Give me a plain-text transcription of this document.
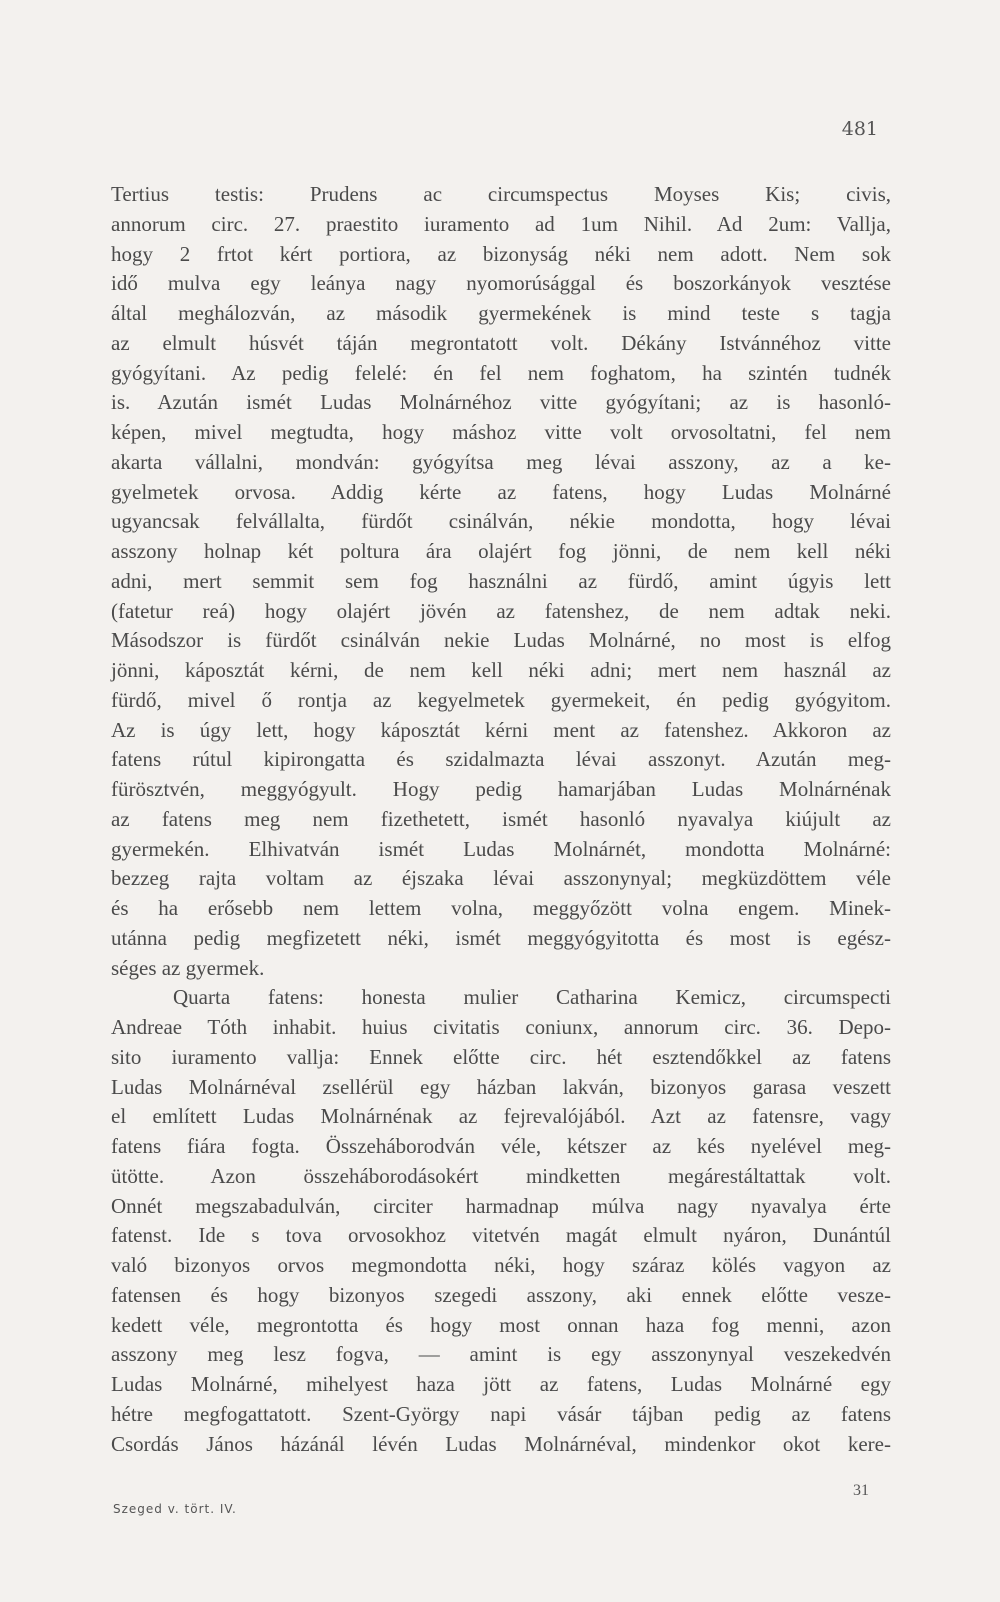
481
Tertius testis: Prudens ac circumspectus Moyses Kis; civis,
annorum circ. 27. praestito iuramento ad 1um Nihil. Ad 2um: Vallja,
hogy 2 frtot kért portiora, az bizonyság néki nem adott. Nem sok
idő mulva egy leánya nagy nyomorúsággal és boszorkányok vesztése
által meghálozván, az második gyermekének is mind teste s tagja
az elmult húsvét táján megrontatott volt. Dékány Istvánnéhoz vitte
gyógyítani. Az pedig felelé: én fel nem foghatom, ha szintén tudnék
is. Azután ismét Ludas Molnárnéhoz vitte gyógyítani; az is hasonló-
képen, mivel megtudta, hogy máshoz vitte volt orvosoltatni, fel nem
akarta vállalni, mondván: gyógyítsa meg lévai asszony, az a ke-
gyelmetek orvosa. Addig kérte az fatens, hogy Ludas Molnárné
ugyancsak felvállalta, fürdőt csinálván, nékie mondotta, hogy lévai
asszony holnap két poltura ára olajért fog jönni, de nem kell néki
adni, mert semmit sem fog használni az fürdő, amint úgyis lett
(fatetur reá) hogy olajért jövén az fatenshez, de nem adtak neki.
Másodszor is fürdőt csinálván nekie Ludas Molnárné, no most is elfog
jönni, káposztát kérni, de nem kell néki adni; mert nem használ az
fürdő, mivel ő rontja az kegyelmetek gyermekeit, én pedig gyógyitom.
Az is úgy lett, hogy káposztát kérni ment az fatenshez. Akkoron az
fatens rútul kipirongatta és szidalmazta lévai asszonyt. Azután meg-
fürösztvén, meggyógyult. Hogy pedig hamarjában Ludas Molnárnénak
az fatens meg nem fizethetett, ismét hasonló nyavalya kiújult az
gyermekén. Elhivatván ismét Ludas Molnárnét, mondotta Molnárné:
bezzeg rajta voltam az éjszaka lévai asszonynyal; megküzdöttem véle
és ha erősebb nem lettem volna, meggyőzött volna engem. Minek-
utánna pedig megfizetett néki, ismét meggyógyitotta és most is egész-
séges az gyermek.
Quarta fatens: honesta mulier Catharina Kemicz, circumspecti
Andreae Tóth inhabit. huius civitatis coniunx, annorum circ. 36. Depo-
sito iuramento vallja: Ennek előtte circ. hét esztendőkkel az fatens
Ludas Molnárnéval zsellérül egy házban lakván, bizonyos garasa veszett
el említett Ludas Molnárnénak az fejrevalójából. Azt az fatensre, vagy
fatens fiára fogta. Összeháborodván véle, kétszer az kés nyelével meg-
ütötte. Azon összeháborodásokért mindketten megárestáltattak volt.
Onnét megszabadulván, circiter harmadnap múlva nagy nyavalya érte
fatenst. Ide s tova orvosokhoz vitetvén magát elmult nyáron, Dunántúl
való bizonyos orvos megmondotta néki, hogy száraz kölés vagyon az
fatensen és hogy bizonyos szegedi asszony, aki ennek előtte vesze-
kedett véle, megrontotta és hogy most onnan haza fog menni, azon
asszony meg lesz fogva, — amint is egy asszonynyal veszekedvén
Ludas Molnárné, mihelyest haza jött az fatens, Ludas Molnárné egy
hétre megfogattatott. Szent-György napi vásár tájban pedig az fatens
Csordás János házánál lévén Ludas Molnárnéval, mindenkor okot kere-
Szeged v. tört. IV.
31
